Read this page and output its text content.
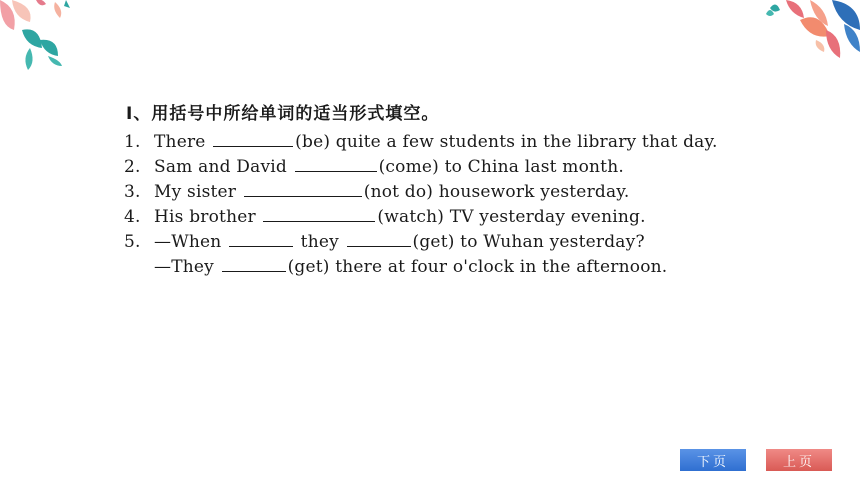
Ⅰ、用括号中所给单词的适当形式填空。
1. There	(be) quite a few students in the library that day.
2. Sam and David	(come) to China last month.
3. My sister	(not do) housework yesterday.
4. His brother	(watch) TV yesterday evening.
5. —When	they	(get) to Wuhan yesterday?
—They	(get) there at four o'clock in the afternoon.
下页	上页
